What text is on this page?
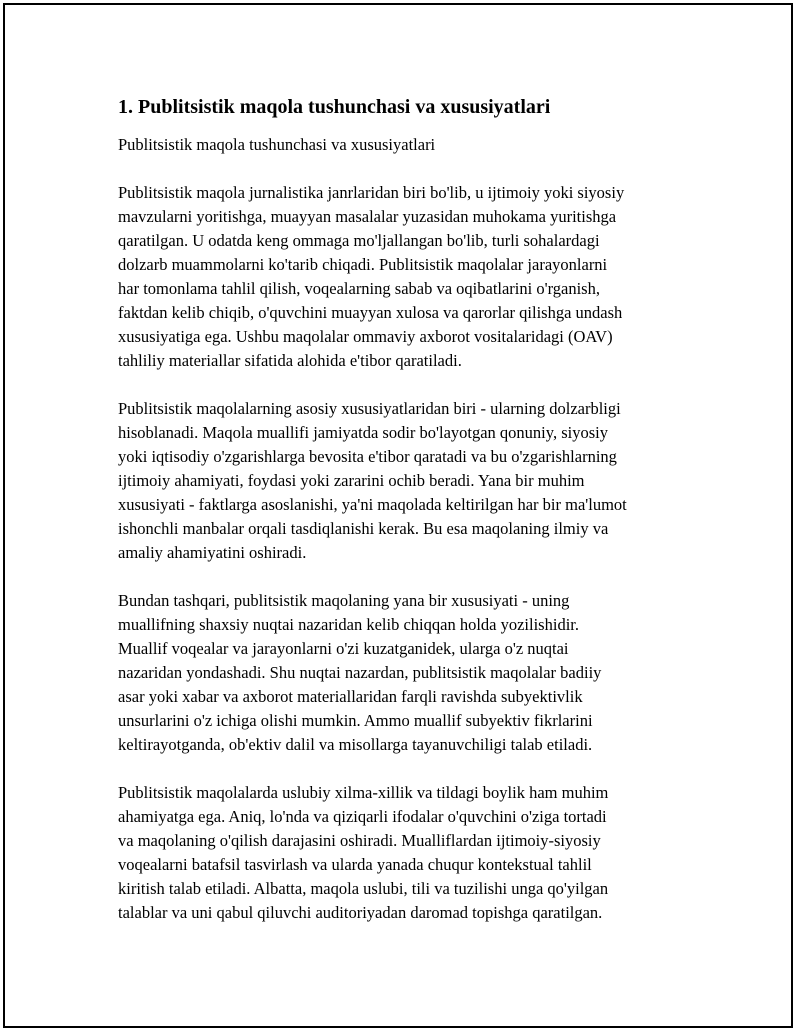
1. Publitsistik maqola tushunchasi va xususiyatlari

Publitsistik maqola tushunchasi va xususiyatlari

Publitsistik maqola jurnalistika janrlaridan biri bo'lib, u ijtimoiy yoki siyosiy
mavzularni yoritishga, muayyan masalalar yuzasidan muhokama yuritishga
qaratilgan. U odatda keng ommaga mo'ljallangan bo'lib, turli sohalardagi
dolzarb muammolarni ko'tarib chiqadi. Publitsistik maqolalar jarayonlarni
har tomonlama tahlil qilish, voqealarning sabab va oqibatlarini o'rganish,
faktdan kelib chiqib, o'quvchini muayyan xulosa va qarorlar qilishga undash
xususiyatiga ega. Ushbu maqolalar ommaviy axborot vositalaridagi (OAV)
tahliliy materiallar sifatida alohida e'tibor qaratiladi.

Publitsistik maqolalarning asosiy xususiyatlaridan biri - ularning dolzarbligi
hisoblanadi. Maqola muallifi jamiyatda sodir bo'layotgan qonuniy, siyosiy
yoki iqtisodiy o'zgarishlarga bevosita e'tibor qaratadi va bu o'zgarishlarning
ijtimoiy ahamiyati, foydasi yoki zararini ochib beradi. Yana bir muhim
xususiyati - faktlarga asoslanishi, ya'ni maqolada keltirilgan har bir ma'lumot
ishonchli manbalar orqali tasdiqlanishi kerak. Bu esa maqolaning ilmiy va
amaliy ahamiyatini oshiradi.

Bundan tashqari, publitsistik maqolaning yana bir xususiyati - uning
muallifning shaxsiy nuqtai nazaridan kelib chiqqan holda yozilishidir.
Muallif voqealar va jarayonlarni o'zi kuzatganidek, ularga o'z nuqtai
nazaridan yondashadi. Shu nuqtai nazardan, publitsistik maqolalar badiiy
asar yoki xabar va axborot materiallaridan farqli ravishda subyektivlik
unsurlarini o'z ichiga olishi mumkin. Ammo muallif subyektiv fikrlarini
keltirayotganda, ob'ektiv dalil va misollarga tayanuvchiligi talab etiladi.

Publitsistik maqolalarda uslubiy xilma-xillik va tildagi boylik ham muhim
ahamiyatga ega. Aniq, lo'nda va qiziqarli ifodalar o'quvchini o'ziga tortadi
va maqolaning o'qilish darajasini oshiradi. Mualliflardan ijtimoiy-siyosiy
voqealarni batafsil tasvirlash va ularda yanada chuqur kontekstual tahlil
kiritish talab etiladi. Albatta, maqola uslubi, tili va tuzilishi unga qo'yilgan
talablar va uni qabul qiluvchi auditoriyadan daromad topishga qaratilgan.
